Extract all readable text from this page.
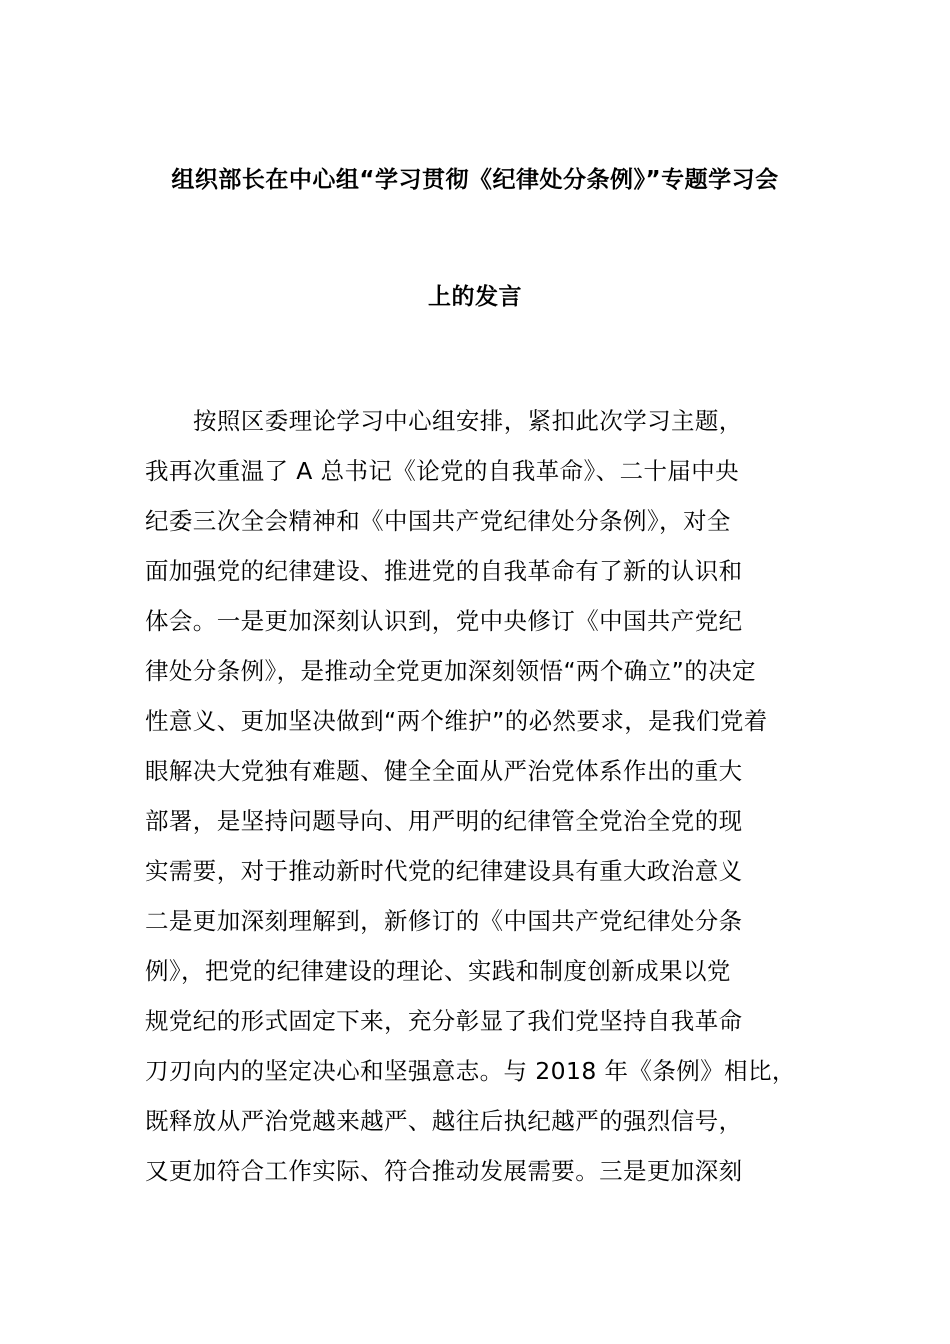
组织部长在中心组“学习贯彻《纪律处分条例》”专题学习会
上的发言
按照区委理论学习中心组安排，紧扣此次学习主题，
我再次重温了 A 总书记《论党的自我革命》、二十届中央
纪委三次全会精神和《中国共产党纪律处分条例》，对全
面加强党的纪律建设、推进党的自我革命有了新的认识和
体会。一是更加深刻认识到，党中央修订《中国共产党纪
律处分条例》，是推动全党更加深刻领悟“两个确立”的决定
性意义、更加坚决做到“两个维护”的必然要求，是我们党着
眼解决大党独有难题、健全全面从严治党体系作出的重大
部署，是坚持问题导向、用严明的纪律管全党治全党的现
实需要，对于推动新时代党的纪律建设具有重大政治意义
二是更加深刻理解到，新修订的《中国共产党纪律处分条
例》，把党的纪律建设的理论、实践和制度创新成果以党
规党纪的形式固定下来，充分彰显了我们党坚持自我革命
刀刃向内的坚定决心和坚强意志。与 2018 年《条例》相比，
既释放从严治党越来越严、越往后执纪越严的强烈信号，
又更加符合工作实际、符合推动发展需要。三是更加深刻
